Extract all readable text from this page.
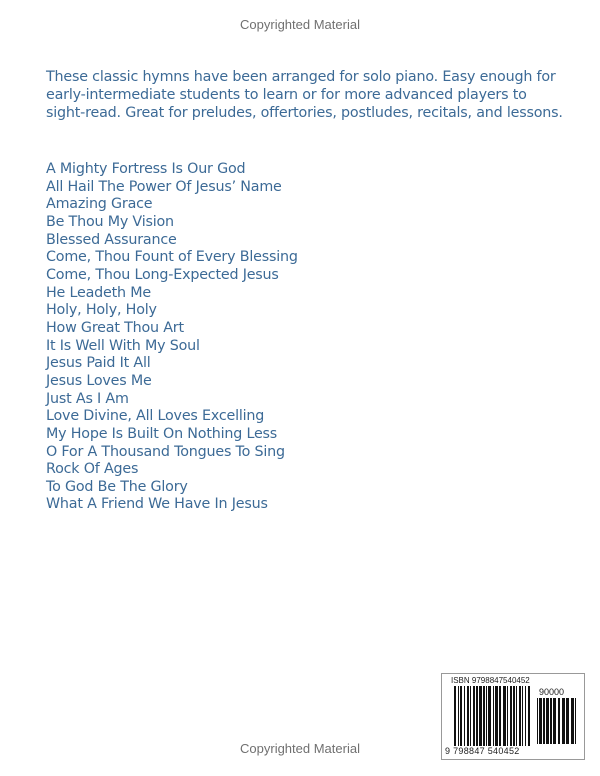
Copyrighted Material

These classic hymns have been arranged for solo piano. Easy enough for early-intermediate students to learn or for more advanced players to sight-read. Great for preludes, offertories, postludes, recitals, and lessons.

A Mighty Fortress Is Our God
All Hail The Power Of Jesus’ Name
Amazing Grace
Be Thou My Vision
Blessed Assurance
Come, Thou Fount of Every Blessing
Come, Thou Long-Expected Jesus
He Leadeth Me
Holy, Holy, Holy
How Great Thou Art
It Is Well With My Soul
Jesus Paid It All
Jesus Loves Me
Just As I Am
Love Divine, All Loves Excelling
My Hope Is Built On Nothing Less
O For A Thousand Tongues To Sing
Rock Of Ages
To God Be The Glory
What A Friend We Have In Jesus
ISBN 9798847540452
90000
9 798847 540452
Copyrighted Material
